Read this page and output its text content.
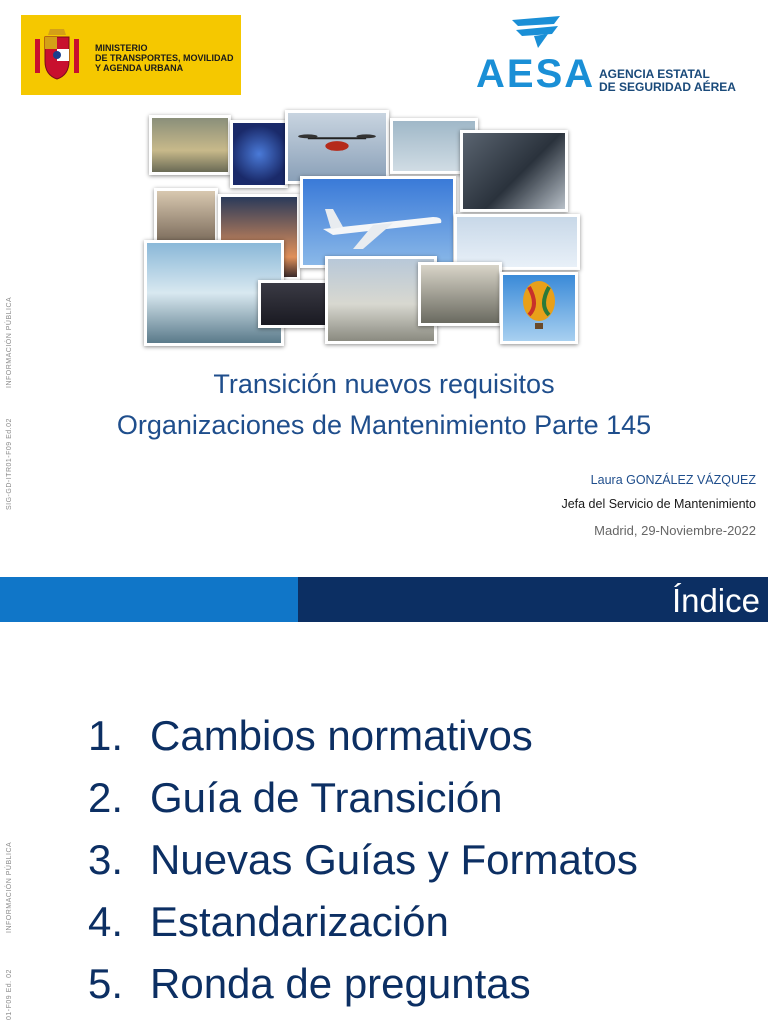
MINISTERIO
DE TRANSPORTES, MOVILIDAD
Y AGENDA URBANA	AESA AGENCIA ESTATAL
DE SEGURIDAD AÉREA
Transición nuevos requisitos
Organizaciones de Mantenimiento Parte 145
Laura GONZÁLEZ VÁZQUEZ
Jefa del Servicio de Mantenimiento
Madrid, 29-Noviembre-2022
SIG-GD-ITR01-F09 Ed.02
INFORMACIÓN PÚBLICA
Índice
1. Cambios normativos
2. Guía de Transición
3. Nuevas Guías y Formatos
4. Estandarización
5. Ronda de preguntas
01-F09 Ed. 02
INFORMACIÓN PÚBLICA
